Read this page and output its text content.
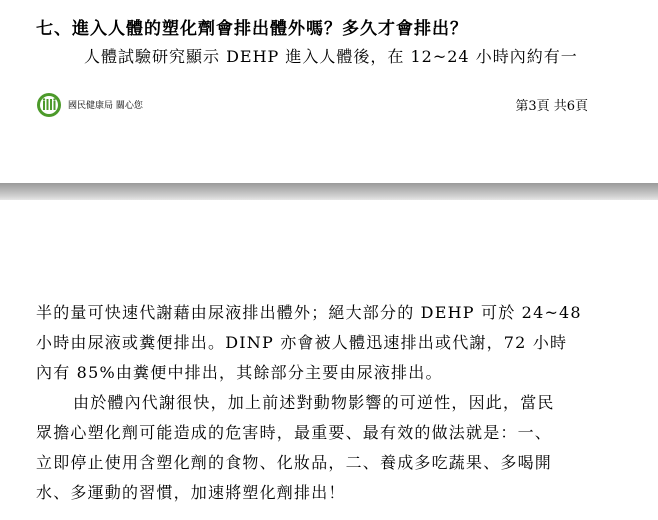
七、進入人體的塑化劑會排出體外嗎？多久才會排出？
人體試驗研究顯示 DEHP 進入人體後，在 12~24 小時內約有一
國民健康局 關心您	第3頁 共6頁
半的量可快速代謝藉由尿液排出體外；絕大部分的 DEHP 可於 24~48
小時由尿液或糞便排出。DINP 亦會被人體迅速排出或代謝，72 小時
內有 85%由糞便中排出，其餘部分主要由尿液排出。
由於體內代謝很快，加上前述對動物影響的可逆性，因此，當民
眾擔心塑化劑可能造成的危害時，最重要、最有效的做法就是：一、
立即停止使用含塑化劑的食物、化妝品，二、養成多吃蔬果、多喝開
水、多運動的習慣，加速將塑化劑排出！
